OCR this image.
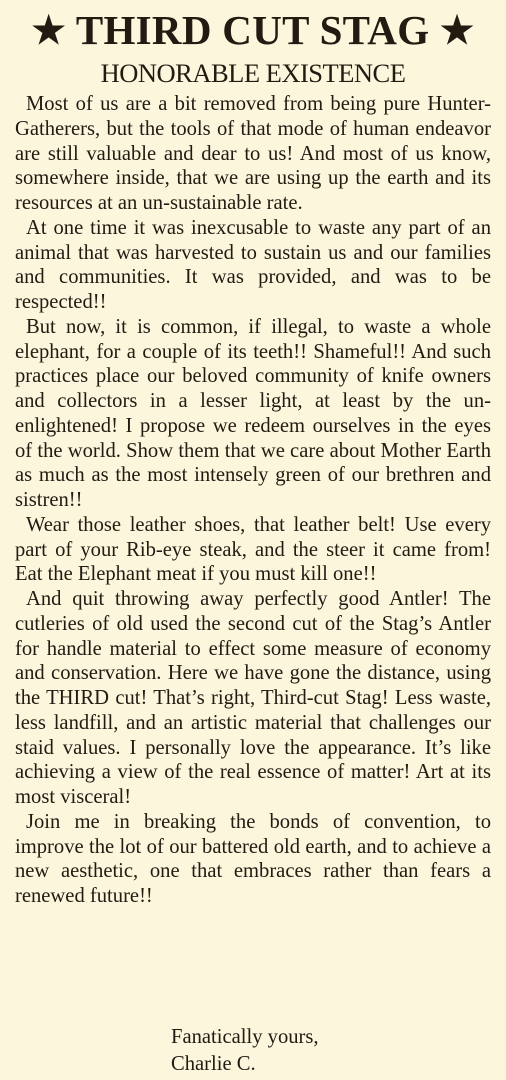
★ THIRD CUT STAG ★
HONORABLE EXISTENCE

Most of us are a bit removed from being pure Hunter-Gatherers, but the tools of that mode of human endeavor are still valuable and dear to us! And most of us know, somewhere inside, that we are using up the earth and its resources at an un-sustainable rate.

At one time it was inexcusable to waste any part of an animal that was harvested to sustain us and our families and communities. It was provided, and was to be respected!!

But now, it is common, if illegal, to waste a whole elephant, for a couple of its teeth!! Shameful!! And such practices place our beloved community of knife owners and collectors in a lesser light, at least by the un-enlightened! I propose we redeem ourselves in the eyes of the world. Show them that we care about Mother Earth as much as the most intensely green of our brethren and sistren!!

Wear those leather shoes, that leather belt! Use every part of your Rib-eye steak, and the steer it came from! Eat the Elephant meat if you must kill one!!

And quit throwing away perfectly good Antler! The cutleries of old used the second cut of the Stag’s Antler for handle material to effect some measure of economy and conservation. Here we have gone the distance, using the THIRD cut! That’s right, Third-cut Stag! Less waste, less landfill, and an artistic material that challenges our staid values. I personally love the appearance. It’s like achieving a view of the real essence of matter! Art at its most visceral!

Join me in breaking the bonds of convention, to improve the lot of our battered old earth, and to achieve a new aesthetic, one that embraces rather than fears a renewed future!!

Fanatically yours,
Charlie C.
